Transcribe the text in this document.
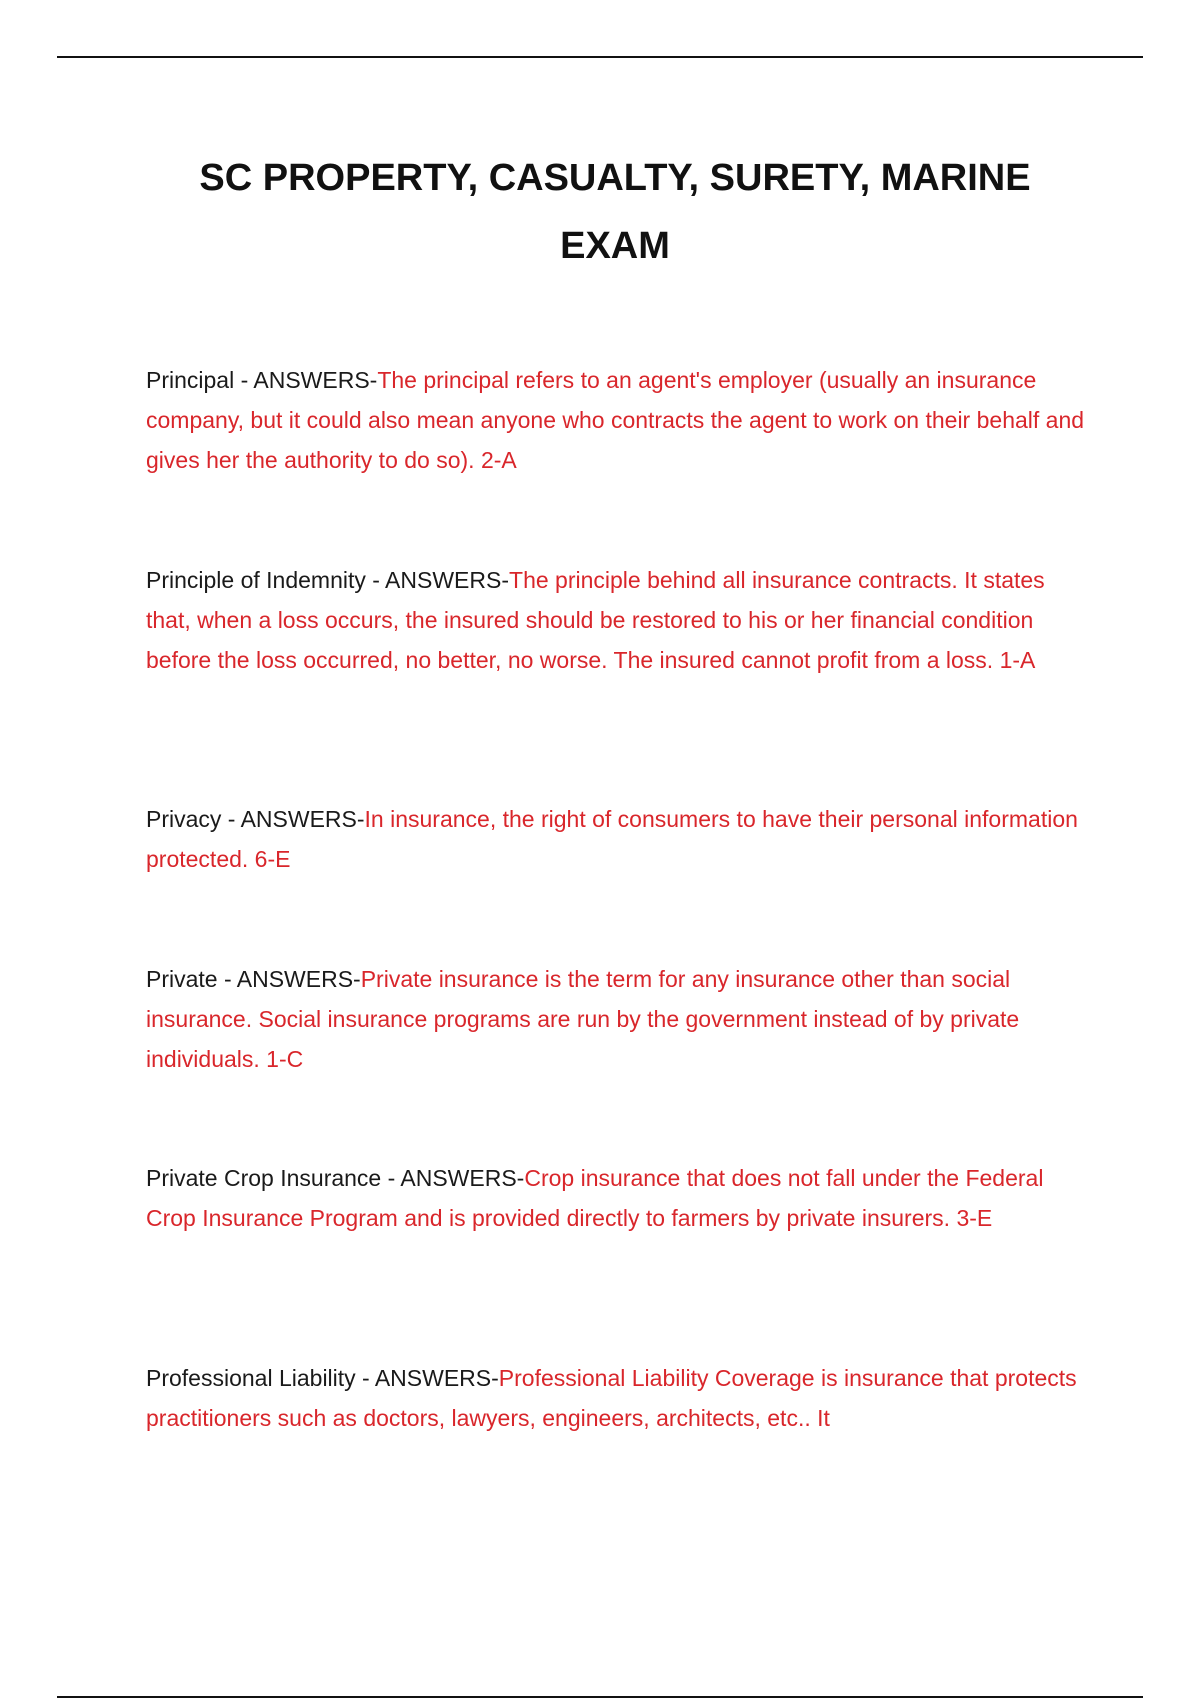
SC PROPERTY, CASUALTY, SURETY, MARINE EXAM

Principal - ANSWERS-The principal refers to an agent's employer (usually an insurance company, but it could also mean anyone who contracts the agent to work on their behalf and gives her the authority to do so). 2-A

Principle of Indemnity - ANSWERS-The principle behind all insurance contracts. It states that, when a loss occurs, the insured should be restored to his or her financial condition before the loss occurred, no better, no worse. The insured cannot profit from a loss. 1-A

Privacy - ANSWERS-In insurance, the right of consumers to have their personal information protected. 6-E

Private - ANSWERS-Private insurance is the term for any insurance other than social insurance. Social insurance programs are run by the government instead of by private individuals. 1-C

Private Crop Insurance - ANSWERS-Crop insurance that does not fall under the Federal Crop Insurance Program and is provided directly to farmers by private insurers. 3-E

Professional Liability - ANSWERS-Professional Liability Coverage is insurance that protects practitioners such as doctors, lawyers, engineers, architects, etc.. It
